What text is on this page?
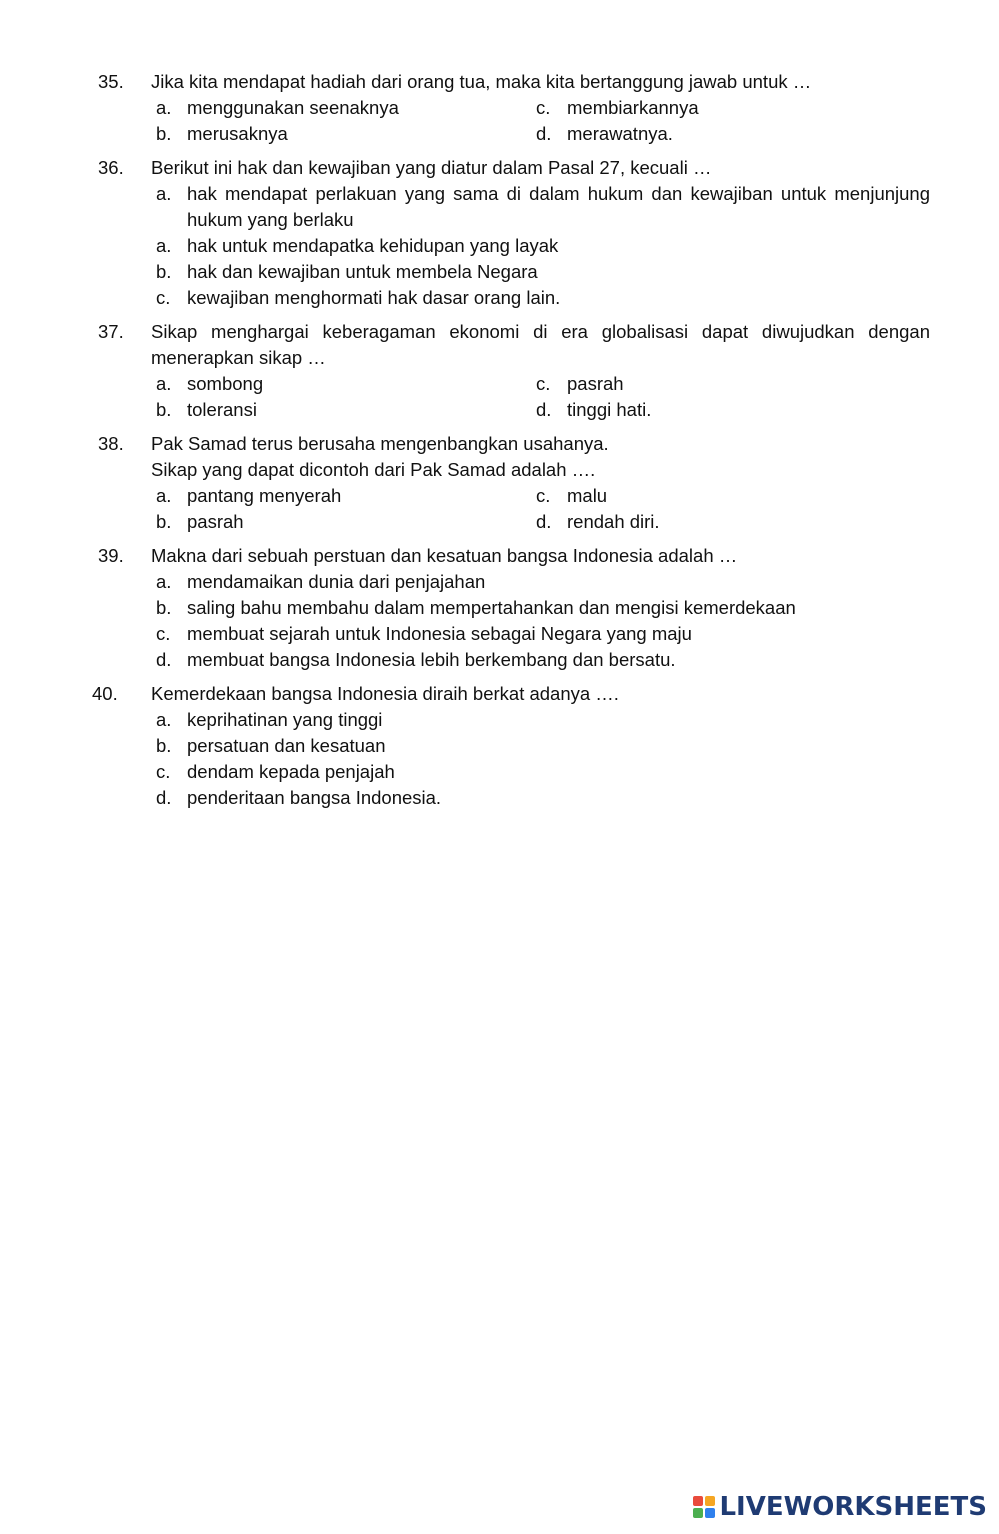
35.	Jika kita mendapat hadiah dari orang tua, maka kita bertanggung jawab untuk …
a. menggunakan seenaknya	c. membiarkannya
b. merusaknya	d. merawatnya.
36.	Berikut ini hak dan kewajiban yang diatur dalam Pasal 27, kecuali …
a. hak mendapat perlakuan yang sama di dalam hukum dan kewajiban untuk menjunjung hukum yang berlaku
a. hak untuk mendapatka kehidupan yang layak
b. hak dan kewajiban untuk membela Negara
c. kewajiban menghormati hak dasar orang lain.
37.	Sikap menghargai keberagaman ekonomi di era globalisasi dapat diwujudkan dengan menerapkan sikap …
a. sombong	c. pasrah
b. toleransi	d. tinggi hati.
38.	Pak Samad terus berusaha mengenbangkan usahanya.
Sikap yang dapat dicontoh dari Pak Samad adalah ….
a. pantang menyerah	c. malu
b. pasrah	d. rendah diri.
39.	Makna dari sebuah perstuan dan kesatuan bangsa Indonesia adalah …
a. mendamaikan dunia dari penjajahan
b. saling bahu membahu dalam mempertahankan dan mengisi kemerdekaan
c. membuat sejarah untuk Indonesia sebagai Negara yang maju
d. membuat bangsa Indonesia lebih berkembang dan bersatu.
40.	Kemerdekaan bangsa Indonesia diraih berkat adanya ….
a. keprihatinan yang tinggi
b. persatuan dan kesatuan
c. dendam kepada penjajah
d. penderitaan bangsa Indonesia.
LIVEWORKSHEETS
